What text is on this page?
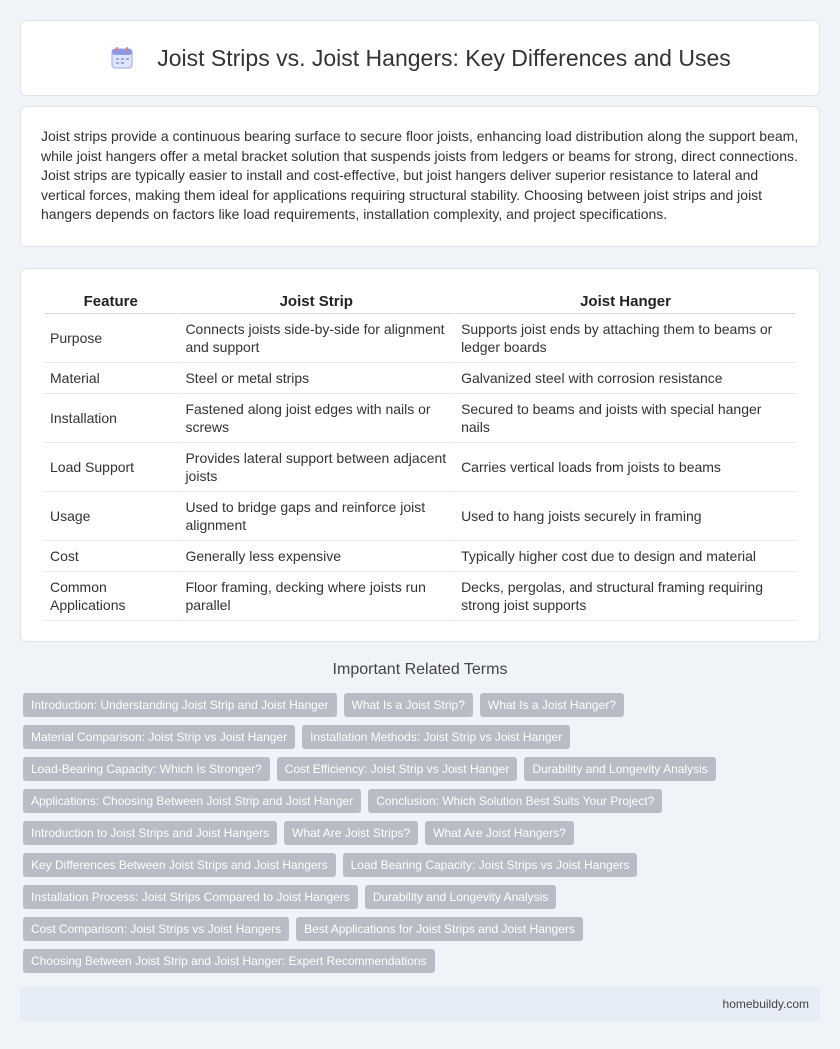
Joist Strips vs. Joist Hangers: Key Differences and Uses

Joist strips provide a continuous bearing surface to secure floor joists, enhancing load distribution along the support beam, while joist hangers offer a metal bracket solution that suspends joists from ledgers or beams for strong, direct connections. Joist strips are typically easier to install and cost-effective, but joist hangers deliver superior resistance to lateral and vertical forces, making them ideal for applications requiring structural stability. Choosing between joist strips and joist hangers depends on factors like load requirements, installation complexity, and project specifications.

Feature	Joist Strip	Joist Hanger
Purpose	Connects joists side-by-side for alignment and support	Supports joist ends by attaching them to beams or ledger boards
Material	Steel or metal strips	Galvanized steel with corrosion resistance
Installation	Fastened along joist edges with nails or screws	Secured to beams and joists with special hanger nails
Load Support	Provides lateral support between adjacent joists	Carries vertical loads from joists to beams
Usage	Used to bridge gaps and reinforce joist alignment	Used to hang joists securely in framing
Cost	Generally less expensive	Typically higher cost due to design and material
Common Applications	Floor framing, decking where joists run parallel	Decks, pergolas, and structural framing requiring strong joist supports
Important Related Terms
Introduction: Understanding Joist Strip and Joist Hanger	What Is a Joist Strip?	What Is a Joist Hanger?
Material Comparison: Joist Strip vs Joist Hanger	Installation Methods: Joist Strip vs Joist Hanger
Load-Bearing Capacity: Which Is Stronger?	Cost Efficiency: Joist Strip vs Joist Hanger	Durability and Longevity Analysis
Applications: Choosing Between Joist Strip and Joist Hanger	Conclusion: Which Solution Best Suits Your Project?
Introduction to Joist Strips and Joist Hangers	What Are Joist Strips?	What Are Joist Hangers?
Key Differences Between Joist Strips and Joist Hangers	Load Bearing Capacity: Joist Strips vs Joist Hangers
Installation Process: Joist Strips Compared to Joist Hangers	Durability and Longevity Analysis
Cost Comparison: Joist Strips vs Joist Hangers	Best Applications for Joist Strips and Joist Hangers
Choosing Between Joist Strip and Joist Hanger: Expert Recommendations
homebuildy.com
